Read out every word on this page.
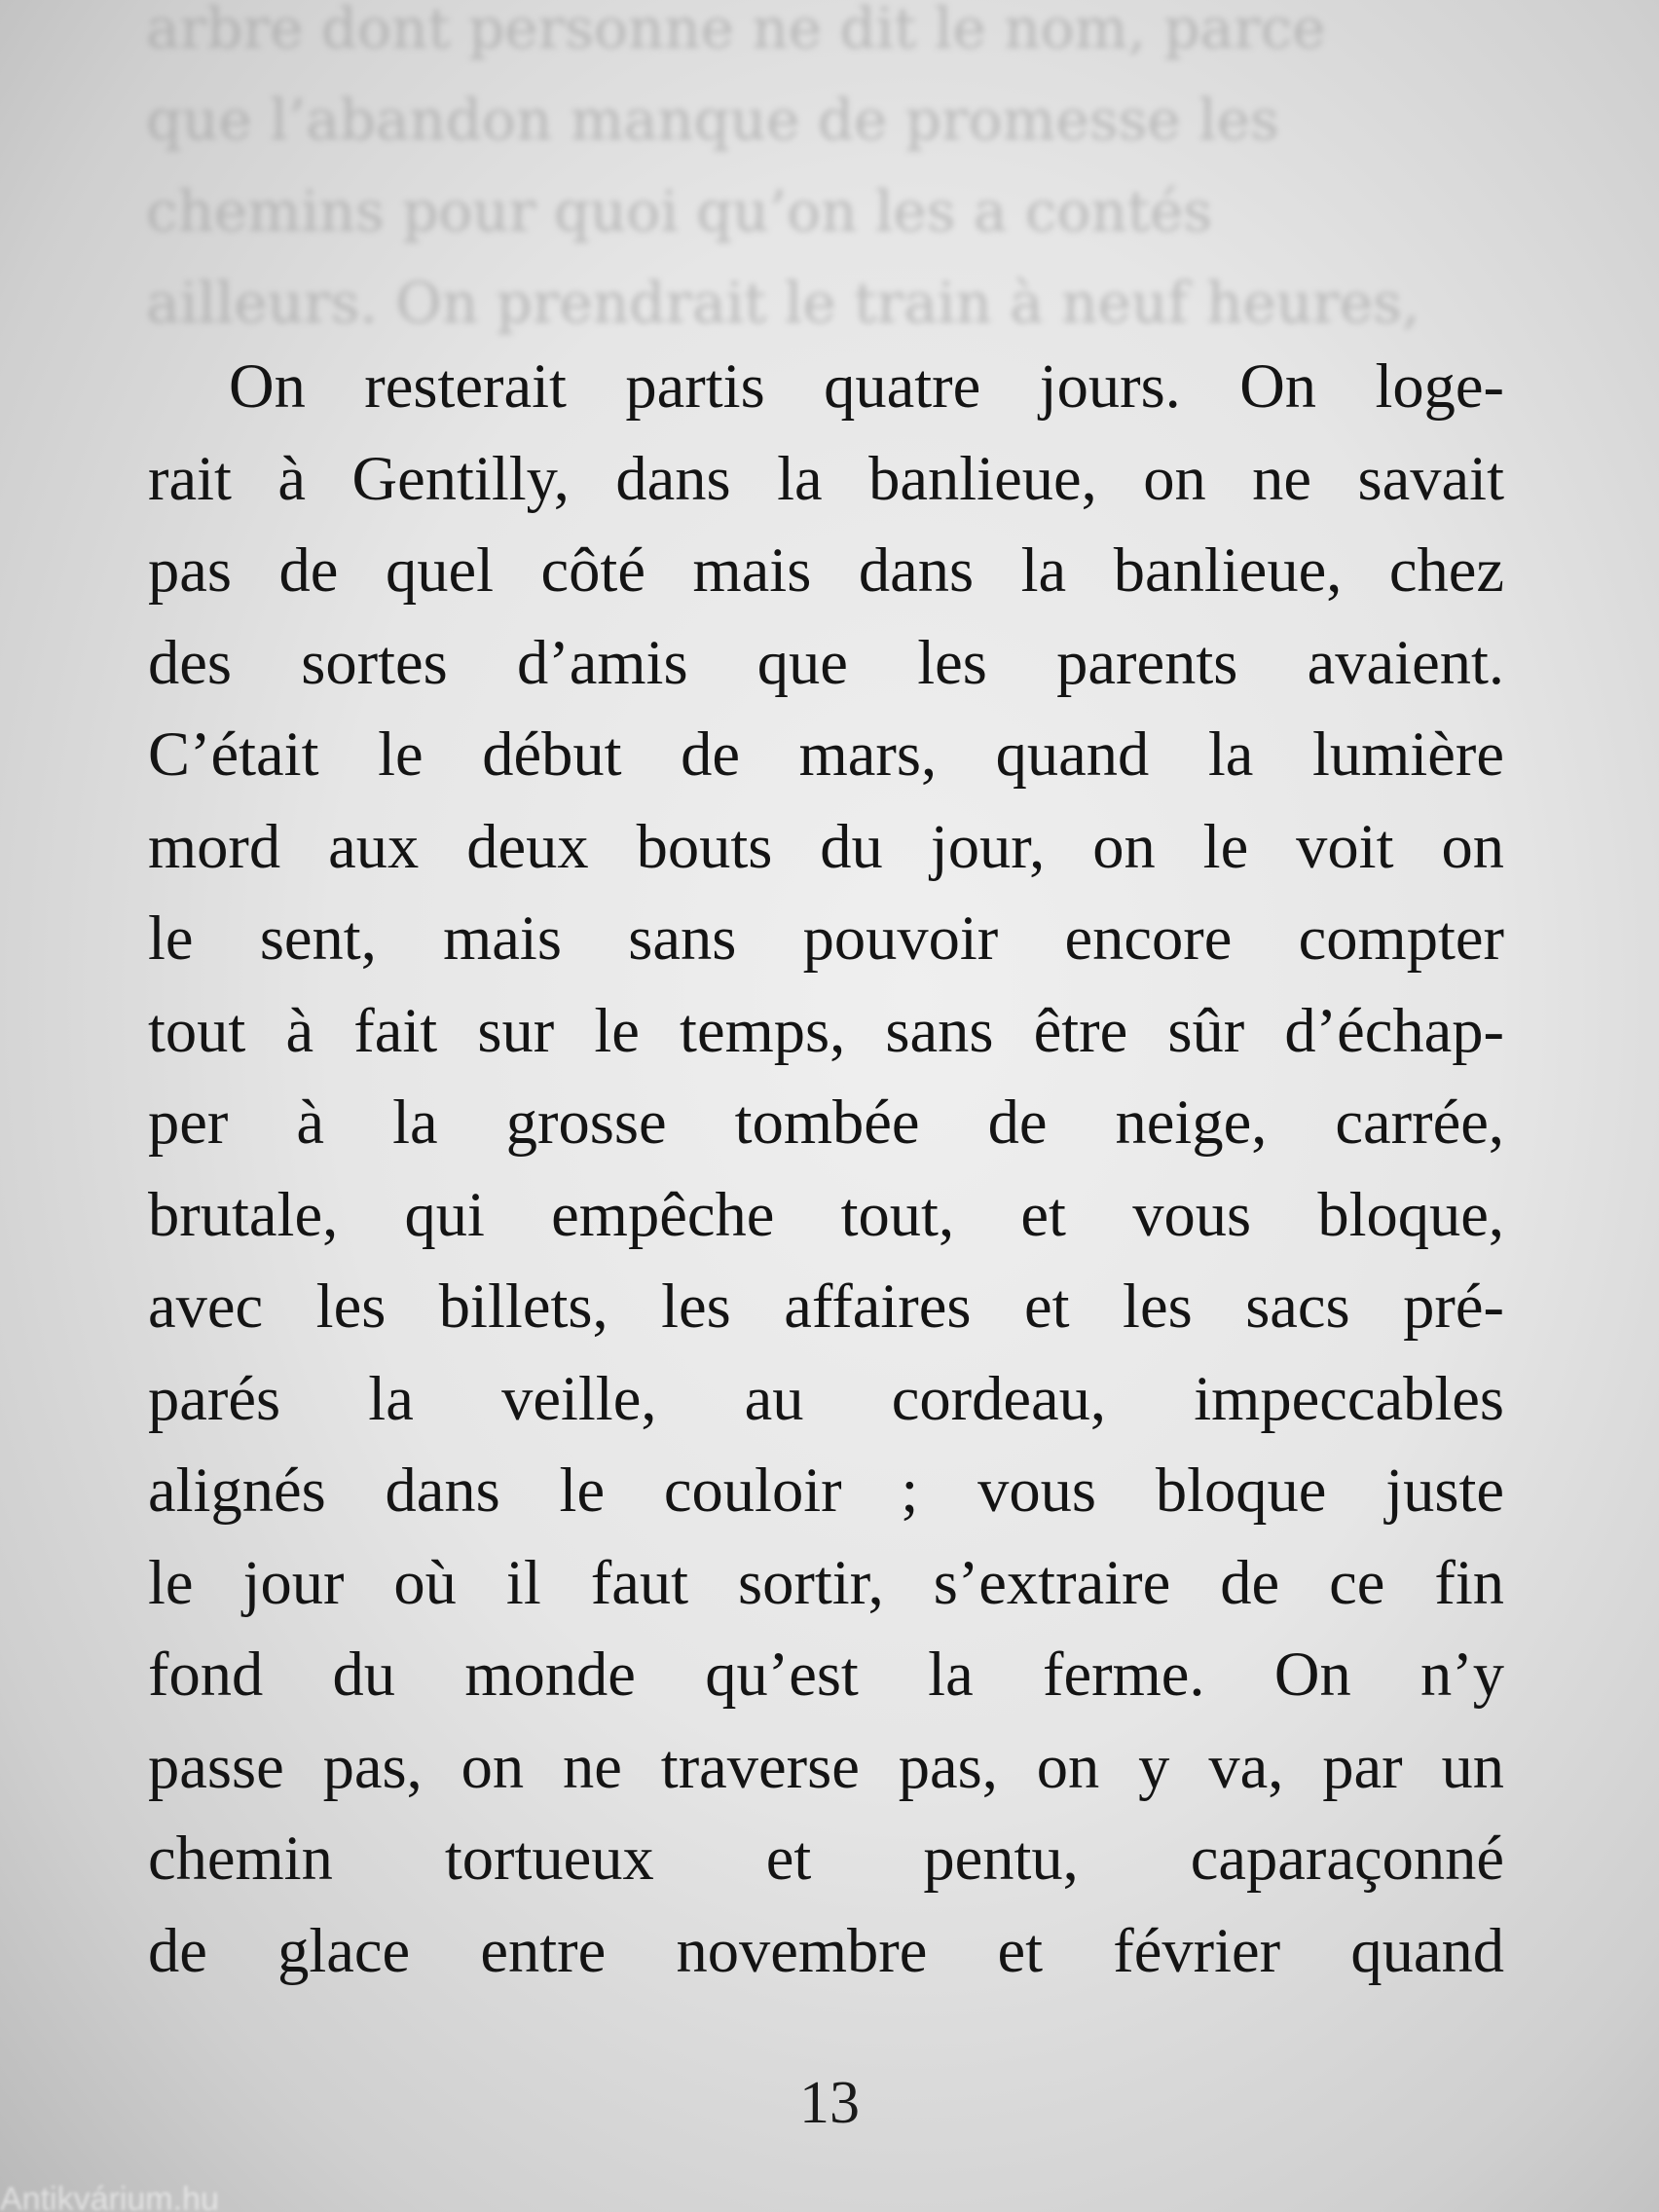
arbre dont personne ne dit le nom, parce
que l’abandon manque de promesse les
chemins pour quoi qu’on les a contés
ailleurs. On prendrait le train à neuf heures,
On resterait partis quatre jours. On loge-
rait à Gentilly, dans la banlieue, on ne savait
pas de quel côté mais dans la banlieue, chez
des sortes d’amis que les parents avaient.
C’était le début de mars, quand la lumière
mord aux deux bouts du jour, on le voit on
le sent, mais sans pouvoir encore compter
tout à fait sur le temps, sans être sûr d’échap-
per à la grosse tombée de neige, carrée,
brutale, qui empêche tout, et vous bloque,
avec les billets, les affaires et les sacs pré-
parés la veille, au cordeau, impeccables
alignés dans le couloir ; vous bloque juste
le jour où il faut sortir, s’extraire de ce fin
fond du monde qu’est la ferme. On n’y
passe pas, on ne traverse pas, on y va, par un
chemin tortueux et pentu, caparaçonné
de glace entre novembre et février quand
13
Antikvárium.hu
